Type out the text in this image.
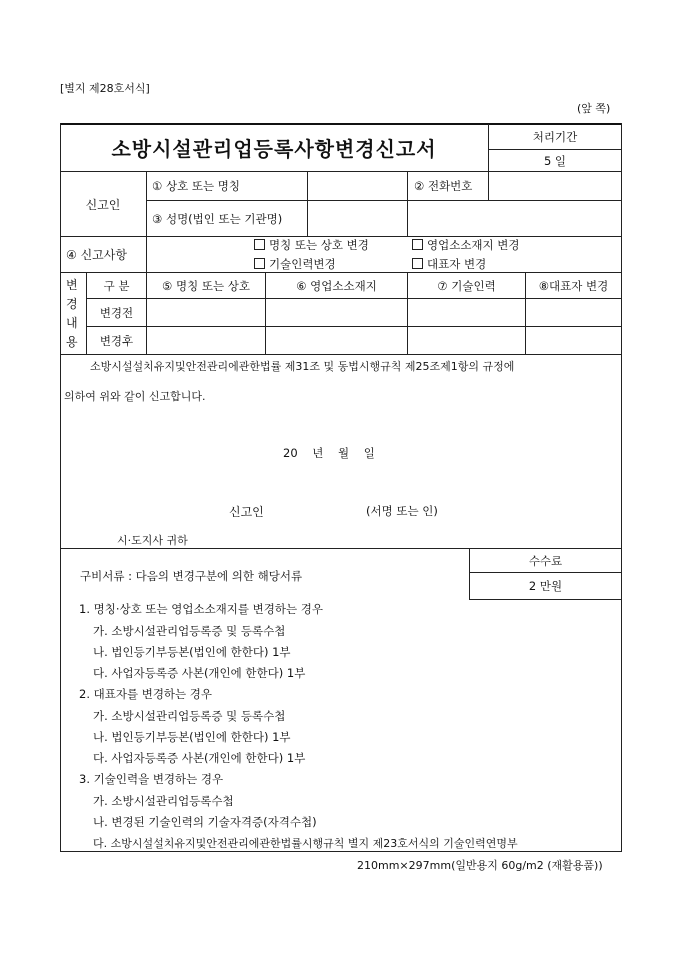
[별지 제28호서식]
(앞 쪽)
소방시설관리업등록사항변경신고서
처리기간
5 일
신고인
① 상호 또는 명칭	② 전화번호
③ 성명(법인 또는 기관명)
④ 신고사항
명칭 또는 상호 변경	영업소소재지 변경
기술인력변경	대표자 변경
변
경
내
용
구 분	⑤ 명칭 또는 상호	⑥ 영업소소재지	⑦ 기술인력	⑧대표자 변경
변경전
변경후
소방시설설치유지및안전관리에관한법률 제31조 및 동법시행규칙 제25조제1항의 규정에
의하여 위와 같이 신고합니다.
20    년    월    일
신고인	(서명 또는 인)
시·도지사 귀하
수수료
2 만원
구비서류 : 다음의 변경구분에 의한 해당서류
1. 명칭·상호 또는 영업소소재지를 변경하는 경우
가. 소방시설관리업등록증 및 등록수첩
나. 법인등기부등본(법인에 한한다) 1부
다. 사업자등록증 사본(개인에 한한다) 1부
2. 대표자를 변경하는 경우
가. 소방시설관리업등록증 및 등록수첩
나. 법인등기부등본(법인에 한한다) 1부
다. 사업자등록증 사본(개인에 한한다) 1부
3. 기술인력을 변경하는 경우
가. 소방시설관리업등록수첩
나. 변경된 기술인력의 기술자격증(자격수첩)
다. 소방시설설치유지및안전관리에관한법률시행규칙 별지 제23호서식의 기술인력연명부
210mm×297mm(일반용지 60g/m2 (재활용품))
